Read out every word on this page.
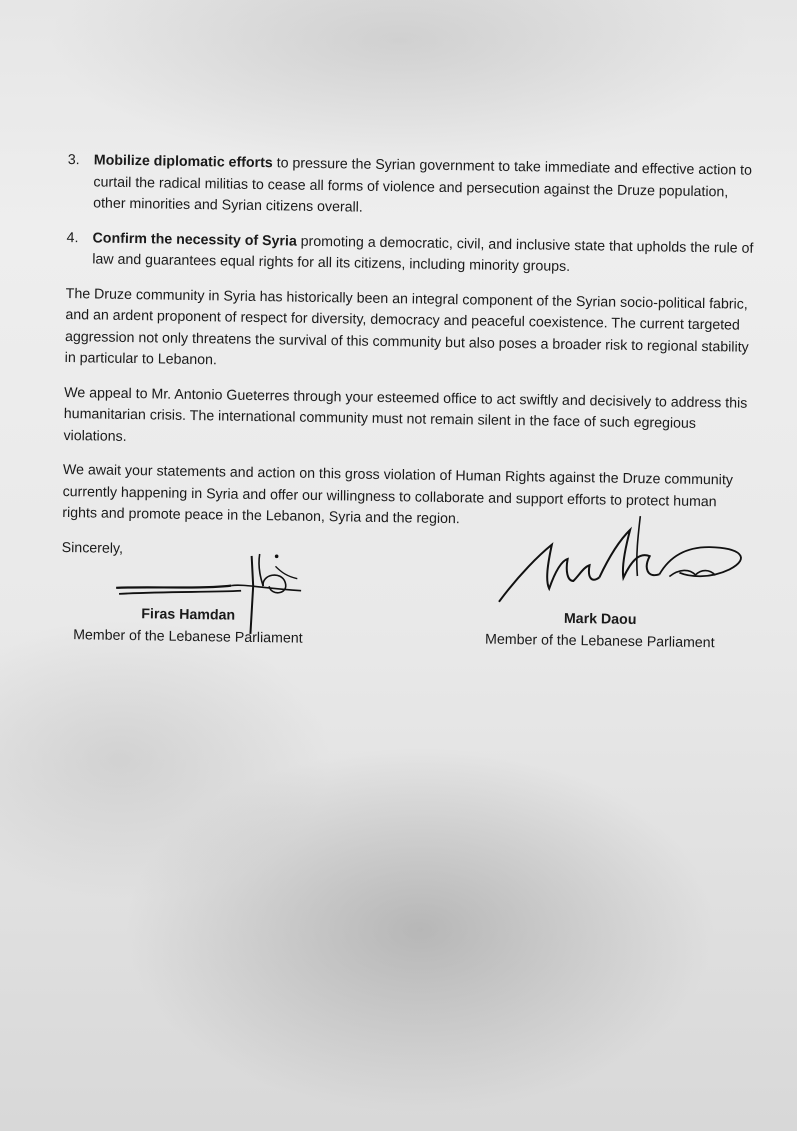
3. Mobilize diplomatic efforts to pressure the Syrian government to take immediate and effective action to curtail the radical militias to cease all forms of violence and persecution against the Druze population, other minorities and Syrian citizens overall.
4. Confirm the necessity of Syria promoting a democratic, civil, and inclusive state that upholds the rule of law and guarantees equal rights for all its citizens, including minority groups.

The Druze community in Syria has historically been an integral component of the Syrian socio-political fabric, and an ardent proponent of respect for diversity, democracy and peaceful coexistence. The current targeted aggression not only threatens the survival of this community but also poses a broader risk to regional stability in particular to Lebanon.

We appeal to Mr. Antonio Gueterres through your esteemed office to act swiftly and decisively to address this humanitarian crisis. The international community must not remain silent in the face of such egregious violations.

We await your statements and action on this gross violation of Human Rights against the Druze community currently happening in Syria and offer our willingness to collaborate and support efforts to protect human rights and promote peace in the Lebanon, Syria and the region.

Sincerely,
Firas Hamdan
Member of the Lebanese Parliament
Mark Daou
Member of the Lebanese Parliament
